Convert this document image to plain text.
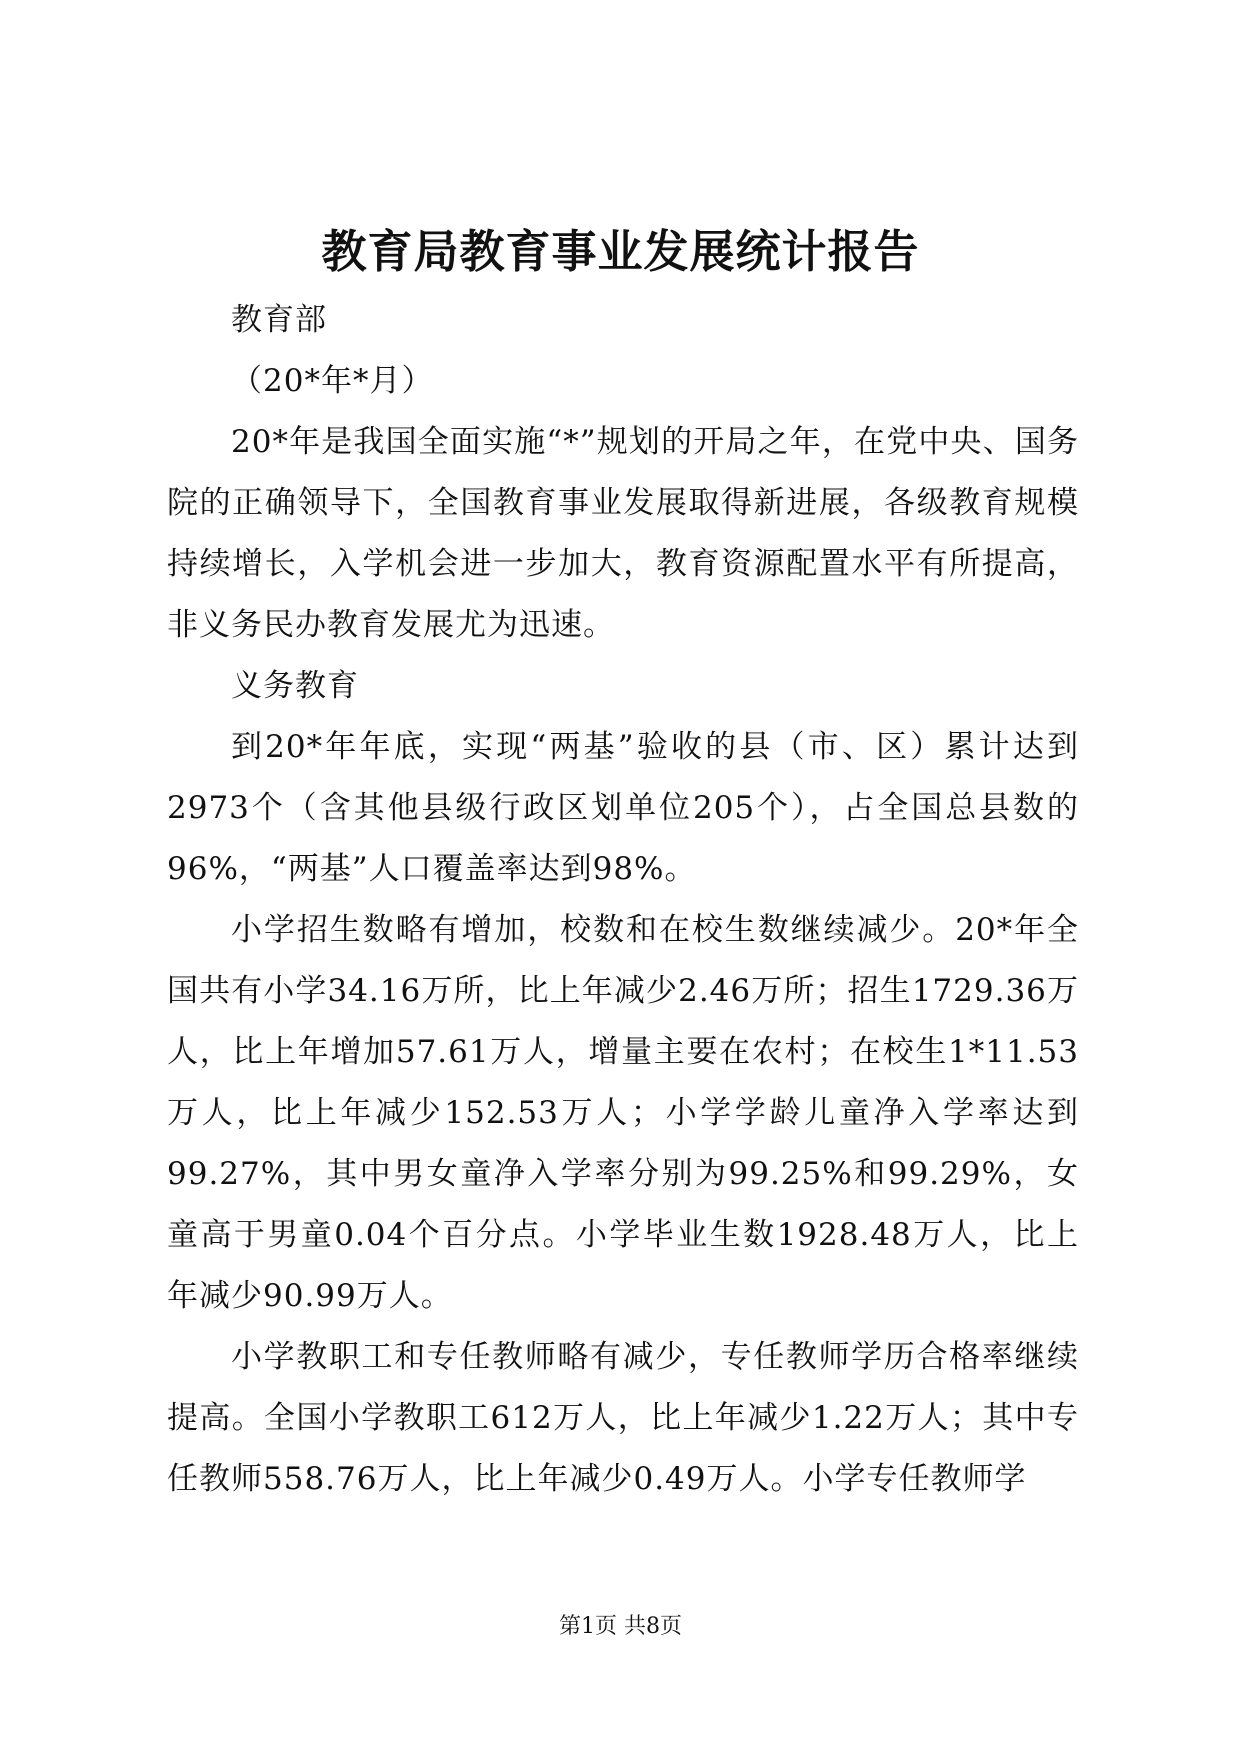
教育局教育事业发展统计报告

教育部

（20*年*月）

20*年是我国全面实施“*”规划的开局之年，在党中央、国务院的正确领导下，全国教育事业发展取得新进展，各级教育规模持续增长，入学机会进一步加大，教育资源配置水平有所提高，非义务民办教育发展尤为迅速。

义务教育

到20*年年底，实现“两基”验收的县（市、区）累计达到2973个（含其他县级行政区划单位205个），占全国总县数的96%，“两基”人口覆盖率达到98%。

小学招生数略有增加，校数和在校生数继续减少。20*年全国共有小学34.16万所，比上年减少2.46万所；招生1729.36万人，比上年增加57.61万人，增量主要在农村；在校生1*11.53万人，比上年减少152.53万人；小学学龄儿童净入学率达到99.27%，其中男女童净入学率分别为99.25%和99.29%，女童高于男童0.04个百分点。小学毕业生数1928.48万人，比上年减少90.99万人。

小学教职工和专任教师略有减少，专任教师学历合格率继续提高。全国小学教职工612万人，比上年减少1.22万人；其中专任教师558.76万人，比上年减少0.49万人。小学专任教师学

第1页 共8页
